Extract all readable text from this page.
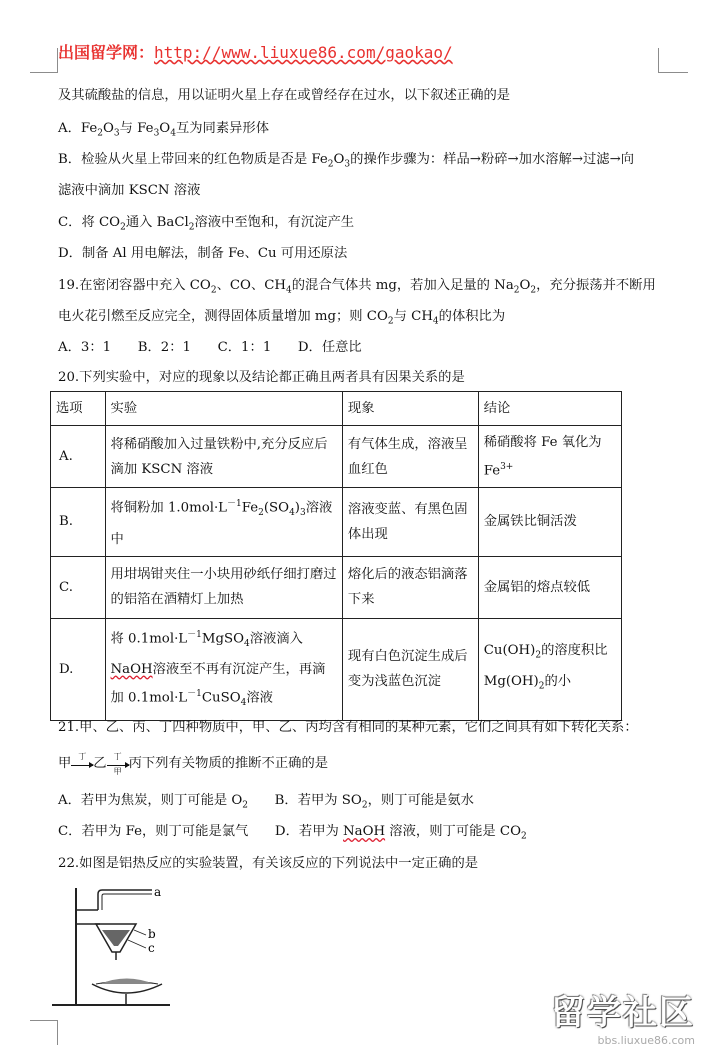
出国留学网：http://www.liuxue86.com/gaokao/
及其硫酸盐的信息，用以证明火星上存在或曾经存在过水，以下叙述正确的是
A．$Fe_2O_3$与 $Fe_3O_4$互为同素异形体
B．检验从火星上带回来的红色物质是否是 $Fe_2O_3$的操作步骤为：样品→粉碎→加水溶解→过滤→向
滤液中滴加 KSCN 溶液
C．将 $CO_2$通入 BaCl$_2$溶液中至饱和，有沉淀产生
D．制备 Al 用电解法，制备 Fe、Cu 可用还原法
19.在密闭容器中充入 $CO_2$、CO、$CH_4$的混合气体共 mg，若加入足量的 $Na_2O_2$，充分振荡并不断用
电火花引燃至反应完全，测得固体质量增加 mg；则 $CO_2$与 $CH_4$的体积比为
A．3：1　　B．2：1　　C．1：1　　D．任意比
20.下列实验中，对应的现象以及结论都正确且两者具有因果关系的是
选项	实验	现象	结论
A.	将稀硝酸加入过量铁粉中,充分反应后滴加 KSCN 溶液	有气体生成，溶液呈血红色	稀硝酸将 Fe 氧化为 $Fe^{3+}$
B.	将铜粉加 $1.0mol\cdot L^{-1}Fe_2(SO_4)_3$溶液中	溶液变蓝、有黑色固体出现	金属铁比铜活泼
C.	用坩埚钳夹住一小块用砂纸仔细打磨过的铝箔在酒精灯上加热	熔化后的液态铝滴落下来	金属铝的熔点较低
D.	将 $0.1mol\cdot L^{-1}MgSO_4$溶液滴入 NaOH溶液至不再有沉淀产生，再滴加 $0.1mol\cdot L^{-1}CuSO_4$溶液	现有白色沉淀生成后变为浅蓝色沉淀	$Cu(OH)_2$的溶度积比 $Mg(OH)_2$的小
21.甲、乙、丙、丁四种物质中，甲、乙、丙均含有相同的某种元素，它们之间具有如下转化关系：
甲 丁 乙 丁
甲 丙下列有关物质的推断不正确的是
A．若甲为焦炭，则丁可能是 $O_2$　　B．若甲为 $SO_2$，则丁可能是氨水
C．若甲为 Fe，则丁可能是氯气　　D．若甲为 NaOH 溶液，则丁可能是 $CO_2$
22.如图是铝热反应的实验装置，有关该反应的下列说法中一定正确的是
a
b
c
留学社区
bbs.liuxue86.com
